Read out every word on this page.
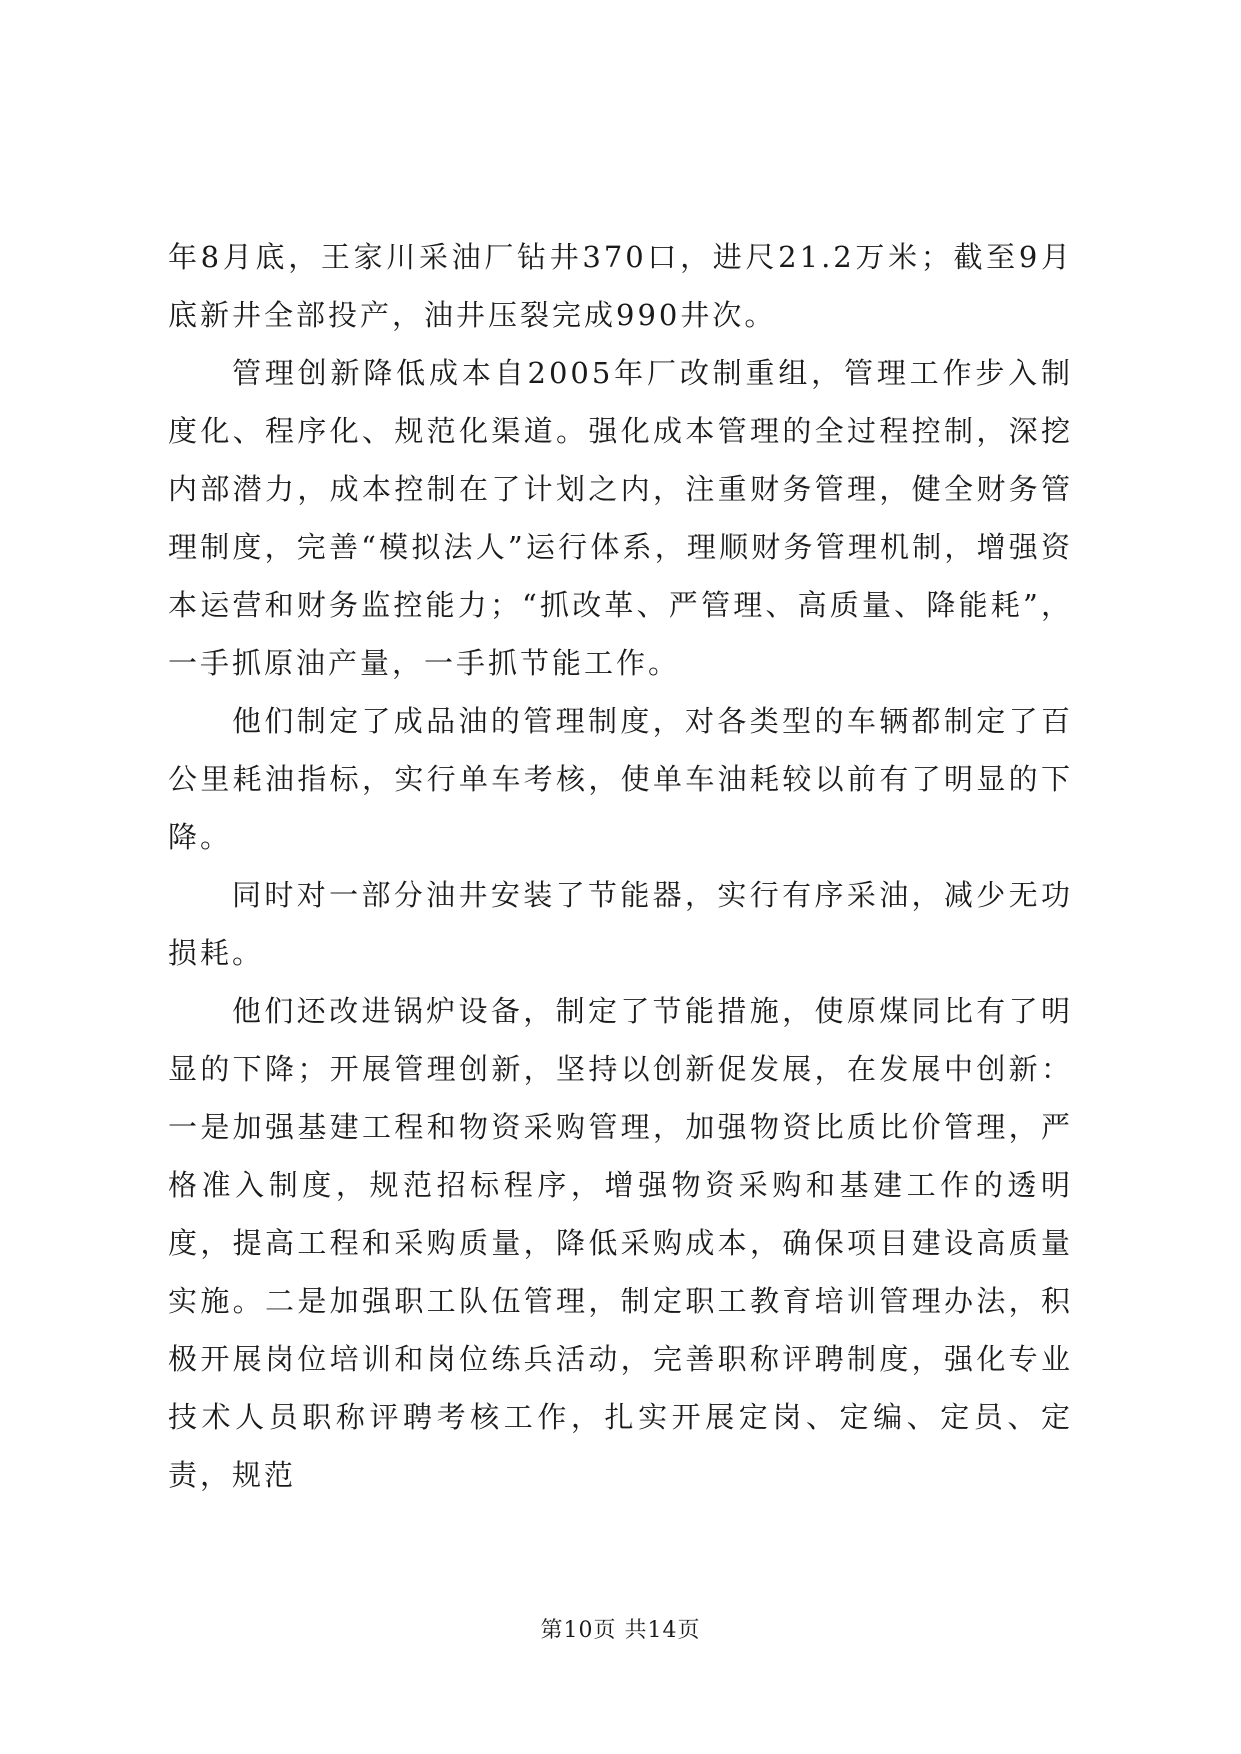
年8月底，王家川采油厂钻井370口，进尺21.2万米；截至9月底新井全部投产，油井压裂完成990井次。

管理创新降低成本自2005年厂改制重组，管理工作步入制度化、程序化、规范化渠道。强化成本管理的全过程控制，深挖内部潜力，成本控制在了计划之内，注重财务管理，健全财务管理制度，完善“模拟法人”运行体系，理顺财务管理机制，增强资本运营和财务监控能力；“抓改革、严管理、高质量、降能耗”，一手抓原油产量，一手抓节能工作。

他们制定了成品油的管理制度，对各类型的车辆都制定了百公里耗油指标，实行单车考核，使单车油耗较以前有了明显的下降。

同时对一部分油井安装了节能器，实行有序采油，减少无功损耗。

他们还改进锅炉设备，制定了节能措施，使原煤同比有了明显的下降；开展管理创新，坚持以创新促发展，在发展中创新：一是加强基建工程和物资采购管理，加强物资比质比价管理，严格准入制度，规范招标程序，增强物资采购和基建工作的透明度，提高工程和采购质量，降低采购成本，确保项目建设高质量实施。二是加强职工队伍管理，制定职工教育培训管理办法，积极开展岗位培训和岗位练兵活动，完善职称评聘制度，强化专业技术人员职称评聘考核工作，扎实开展定岗、定编、定员、定责，规范

第10页 共14页
